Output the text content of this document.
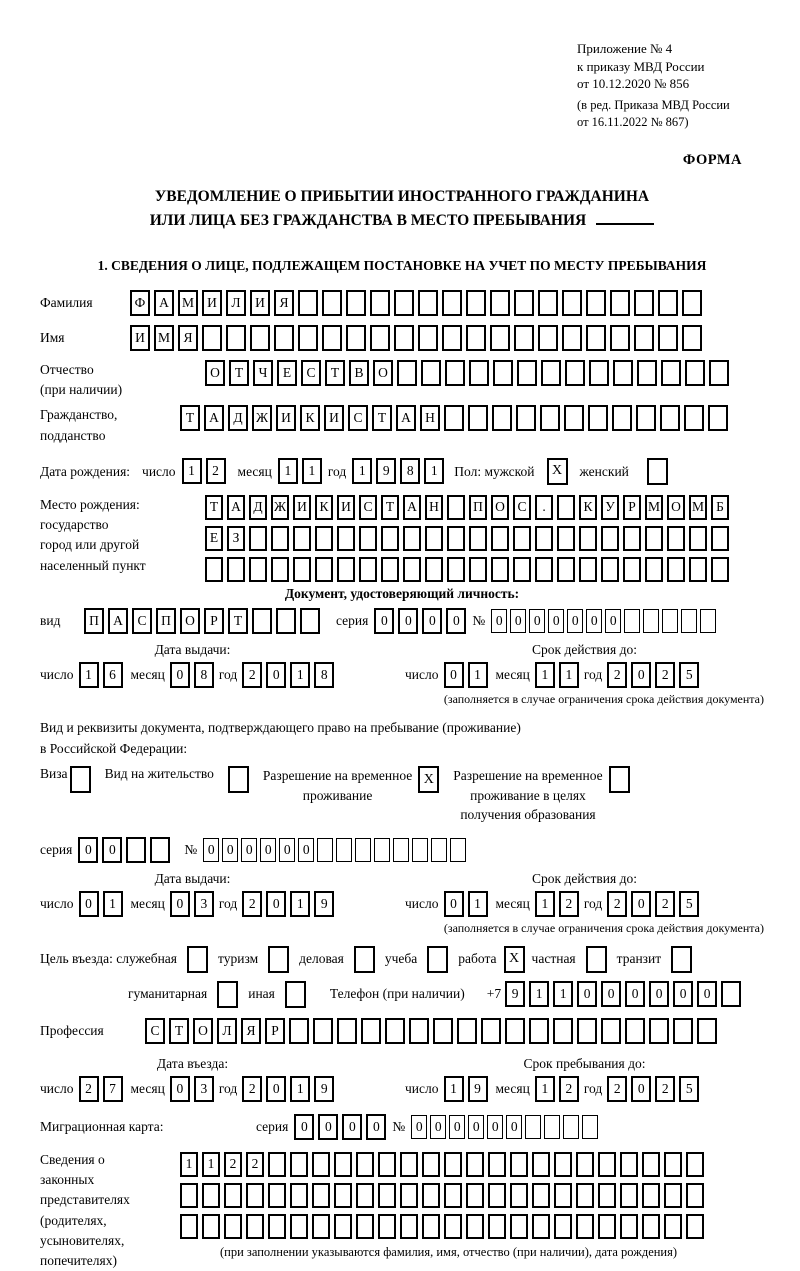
Приложение № 4
к приказу МВД России
от 10.12.2020 № 856
(в ред. Приказа МВД России
от 16.11.2022 № 867)
ФОРМА
УВЕДОМЛЕНИЕ О ПРИБЫТИИ ИНОСТРАННОГО ГРАЖДАНИНА
ИЛИ ЛИЦА БЕЗ ГРАЖДАНСТВА В МЕСТО ПРЕБЫВАНИЯ
1. СВЕДЕНИЯ О ЛИЦЕ, ПОДЛЕЖАЩЕМ ПОСТАНОВКЕ НА УЧЕТ ПО МЕСТУ ПРЕБЫВАНИЯ
Фамилия	Ф	А М И	Л	И	Я
Имя	И М Я
Отчество
(при наличии)
О	Т	Ч	Е	С	Т	В	О
Гражданство,
подданство
Т	А	Д Ж И	К	И	С	Т	А	Н
Дата рождения: число 1	2	месяц 1	1 год 1	9	8	1	Пол: мужской	X	женский
Место рождения:
государство
город или другой
населенный пункт
Т А Д Ж И К И С Т А Н	П О С	.	К У Р М О М Б
Е	З
Документ, удостоверяющий личность:
вид	П	А	С	П	О	Р	Т	серия 0	0	0	0 № 0 0 0 0 0 0 0
Дата выдачи:
число 1	6	месяц 0	8 год 2	0	1	8
Срок действия до:
число 0	1	месяц 1	1 год 2	0	2	5
(заполняется в случае ограничения срока действия документа)
Вид и реквизиты документа, подтверждающего право на пребывание (проживание)
в Российской Федерации:
Виза	Вид на жительство	Разрешение на временное
проживание
X	Разрешение на временное
проживание в целях
получения образования
серия 0	0	№ 0 0 0 0 0 0
Дата выдачи:
число 0	1	месяц 0	3 год 2	0	1	9
Срок действия до:
число 0	1	месяц 1	2 год 2	0	2	5
(заполняется в случае ограничения срока действия документа)
Цель въезда: служебная	туризм	деловая	учеба	работа X частная	транзит
гуманитарная	иная	Телефон (при наличии) +7 9	1	1	0	0	0	0	0	0
Профессия	С	Т	О	Л	Я	Р
Дата въезда:
число 2	7	месяц 0	3 год 2	0	1	9
Срок пребывания до:
число 1	9	месяц 1	2 год 2	0	2	5
Миграционная карта:	серия 0	0	0	0 № 0 0 0 0 0 0
Сведения о
законных
представителях
(родителях,
усыновителях,
попечителях)
1	1	2	2
(при заполнении указываются фамилия, имя, отчество (при наличии), дата рождения)
